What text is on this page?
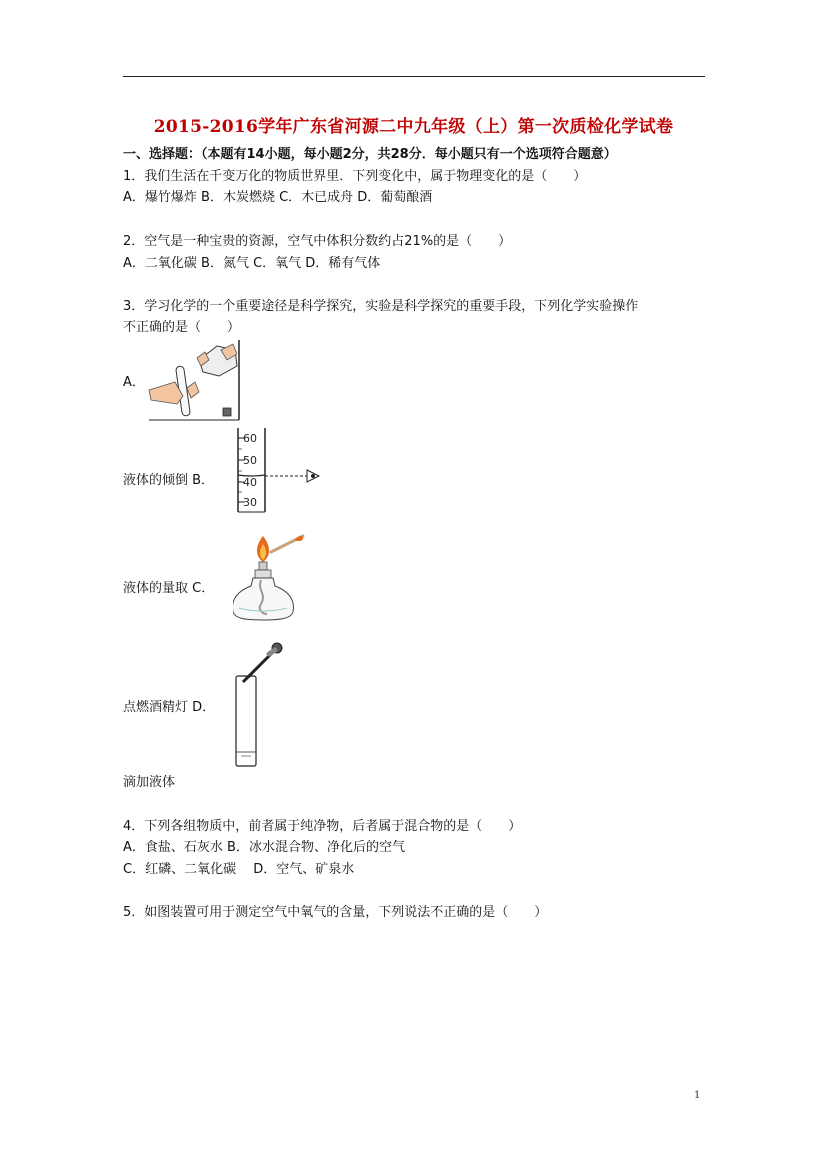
2015-2016学年广东省河源二中九年级（上）第一次质检化学试卷
一、选择题：（本题有14小题，每小题2分，共28分．每小题只有一个选项符合题意）
1．我们生活在千变万化的物质世界里．下列变化中，属于物理变化的是（　　）
A．爆竹爆炸 B．木炭燃烧 C．木已成舟 D．葡萄酿酒
2．空气是一种宝贵的资源，空气中体积分数约占21%的是（　　）
A．二氧化碳 B．氮气 C．氧气 D．稀有气体
3．学习化学的一个重要途径是科学探究，实验是科学探究的重要手段，下列化学实验操作
不正确的是（　　）
A．
液体的倾倒 B．
60
50
40
30
液体的量取 C．
点燃酒精灯 D．
滴加液体
4．下列各组物质中，前者属于纯净物，后者属于混合物的是（　　）
A．食盐、石灰水 B．冰水混合物、净化后的空气
C．红磷、二氧化碳　 D．空气、矿泉水
5．如图装置可用于测定空气中氧气的含量，下列说法不正确的是（　　）
1
